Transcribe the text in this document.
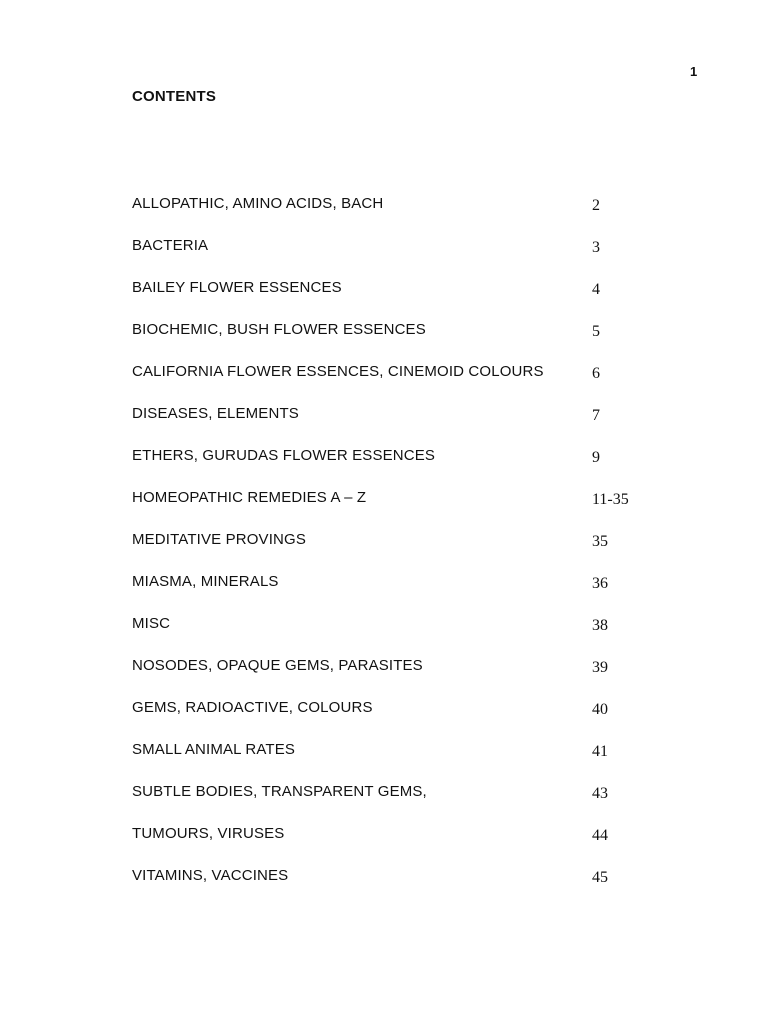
1
CONTENTS
ALLOPATHIC, AMINO ACIDS, BACH	2
BACTERIA	3
BAILEY FLOWER ESSENCES	4
BIOCHEMIC, BUSH FLOWER ESSENCES	5
CALIFORNIA FLOWER ESSENCES, CINEMOID COLOURS	6
DISEASES, ELEMENTS	7
ETHERS, GURUDAS FLOWER ESSENCES	9
HOMEOPATHIC REMEDIES A – Z	11-35
MEDITATIVE PROVINGS	35
MIASMA, MINERALS	36
MISC	38
NOSODES, OPAQUE GEMS, PARASITES	39
GEMS, RADIOACTIVE, COLOURS	40
SMALL ANIMAL RATES	41
SUBTLE BODIES, TRANSPARENT GEMS,	43
TUMOURS, VIRUSES	44
VITAMINS, VACCINES	45
